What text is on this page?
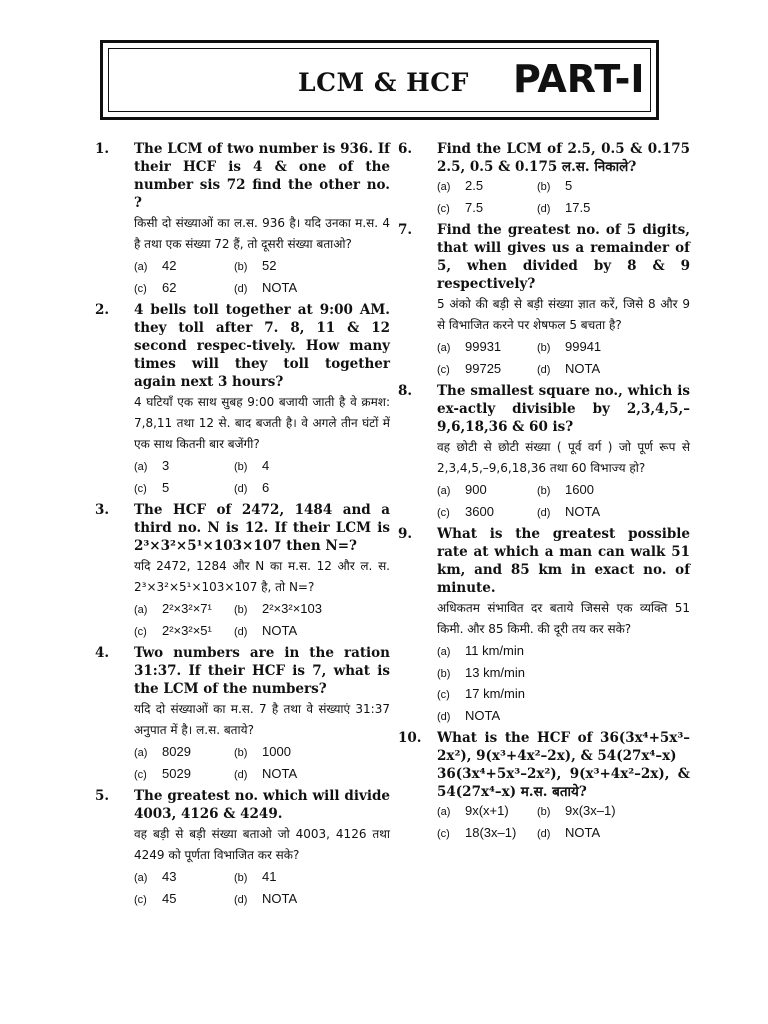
LCM & HCF PART-I
1. The LCM of two number is 936. If their HCF is 4 & one of the number sis 72 find the other no. ?

किसी दो संख्याओं का ल.स. 936 है। यदि उनका म.स. 4 है तथा एक संख्या 72 हैं, तो दूसरी संख्या बताओ?

(a) 42	(b) 52
(c) 62	(d) NOTA
2. 4 bells toll together at 9:00 AM. they toll after 7. 8, 11 & 12 second respec-tively. How many times will they toll together again next 3 hours?

4 घटियाँ एक साथ सुबह 9:00 बजायी जाती है वे क्रमश: 7,8,11 तथा 12 से. बाद बजती है। वे अगले तीन घंटों में एक साथ कितनी बार बजेंगी?

(a) 3	(b) 4
(c) 5	(d) 6
3. The HCF of 2472, 1484 and a third no. N is 12. If their LCM is 2³×3²×5¹×103×107 then N=?

यदि 2472, 1284 और N का म.स. 12 और ल. स. 2³×3²×5¹×103×107 है, तो N=?

(a) 2²×3²×7¹	(b) 2²×3²×103
(c) 2²×3²×5¹	(d) NOTA
4. Two numbers are in the ration 31:37. If their HCF is 7, what is the LCM of the numbers?

यदि दो संख्याओं का म.स. 7 है तथा वे संख्याएं 31:37 अनुपात में है। ल.स. बताये?

(a) 8029	(b) 1000
(c) 5029	(d) NOTA
5. The greatest no. which will divide 4003, 4126 & 4249.

वह बड़ी से बड़ी संख्या बताओ जो 4003, 4126 तथा 4249 को पूर्णता विभाजित कर सके?

(a) 43	(b) 41
(c) 45	(d) NOTA
6. Find the LCM of 2.5, 0.5 & 0.175 2.5, 0.5 & 0.175 ल.स. निकाले?

(a) 2.5	(b) 5
(c) 7.5	(d) 17.5
7. Find the greatest no. of 5 digits, that will gives us a remainder of 5, when divided by 8 & 9 respectively?

5 अंको की बड़ी से बड़ी संख्या ज्ञात करें, जिसे 8 और 9 से विभाजित करने पर शेषफल 5 बचता है?

(a) 99931	(b) 99941
(c) 99725	(d) NOTA
8. The smallest square no., which is ex-actly divisible by 2,3,4,5,–9,6,18,36 & 60 is?

वह छोटी से छोटी संख्या ( पूर्व वर्ग ) जो पूर्ण रूप से 2,3,4,5,–9,6,18,36 तथा 60 विभाज्य हो?

(a) 900	(b) 1600
(c) 3600	(d) NOTA
9. What is the greatest possible rate at which a man can walk 51 km, and 85 km in exact no. of minute.

अधिकतम संभावित दर बताये जिससे एक व्यक्ति 51 किमी. और 85 किमी. की दूरी तय कर सके?

(a) 11 km/min
(b) 13 km/min
(c) 17 km/min
(d) NOTA
10. What is the HCF of 36(3x⁴+5x³–2x²), 9(x³+4x²–2x), & 54(27x⁴–x)

36(3x⁴+5x³–2x²), 9(x³+4x²–2x), & 54(27x⁴–x) म.स. बताये?

(a) 9x(x+1)	(b) 9x(3x–1)
(c) 18(3x–1)	(d) NOTA
